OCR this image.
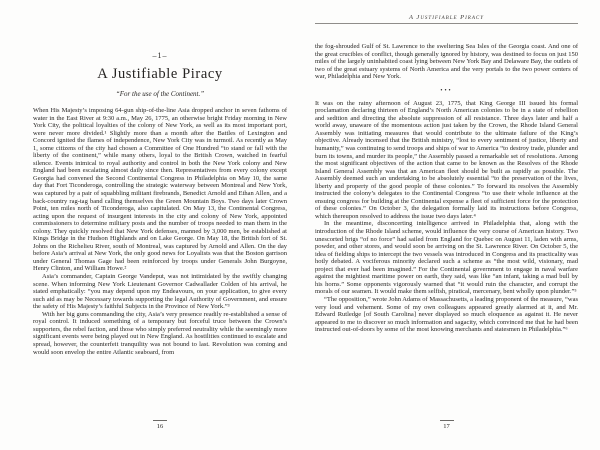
–1–
A Justifiable Piracy
“For the use of the Continent.”

When His Majesty’s imposing 64-gun ship-of-the-line Asia dropped anchor in seven fathoms of water in the East River at 9:30 a.m., May 26, 1775, an otherwise bright Friday morning in New York City, the political loyalties of the colony of New York, as well as its most important port, were never more divided.¹ Slightly more than a month after the Battles of Lexington and Concord ignited the flames of independence, New York City was in turmoil. As recently as May 1, some citizens of the city had chosen a Committee of One Hundred “to stand or fall with the liberty of the continent,” while many others, loyal to the British Crown, watched in fearful silence. Events inimical to royal authority and control in both the New York colony and New England had been escalating almost daily since then. Representatives from every colony except Georgia had convened the Second Continental Congress in Philadelphia on May 10, the same day that Fort Ticonderoga, controlling the strategic waterway between Montreal and New York, was captured by a pair of squabbling militant firebrands, Benedict Arnold and Ethan Allen, and a back-country rag-tag band calling themselves the Green Mountain Boys. Two days later Crown Point, ten miles north of Ticonderoga, also capitulated. On May 13, the Continental Congress, acting upon the request of insurgent interests in the city and colony of New York, appointed commissioners to determine military posts and the number of troops needed to man them in the colony. They quickly resolved that New York defenses, manned by 3,000 men, be established at Kings Bridge in the Hudson Highlands and on Lake George. On May 18, the British fort of St. Johns on the Richelieu River, south of Montreal, was captured by Arnold and Allen. On the day before Asia’s arrival at New York, the only good news for Loyalists was that the Boston garrison under General Thomas Gage had been reinforced by troops under Generals John Burgoyne, Henry Clinton, and William Howe.²

Asia’s commander, Captain George Vandeput, was not intimidated by the swiftly changing scene. When informing New York Lieutenant Governor Cadwallader Colden of his arrival, he stated emphatically: “you may depend upon my Endeavours, on your application, to give every such aid as may be Necessary towards supporting the legal Authority of Government, and ensure the safety of His Majesty’s faithful Subjects in the Province of New York.”³

With her big guns commanding the city, Asia’s very presence readily re-established a sense of royal control. It induced something of a temporary but forceful truce between the Crown’s supporters, the rebel faction, and those who simply preferred neutrality while the seemingly more significant events were being played out in New England. As hostilities continued to escalate and spread, however, the counterfeit tranquility was not bound to last. Revolution was coming and would soon envelop the entire Atlantic seaboard, from

16
A Justifiable Piracy

the fog-shrouded Gulf of St. Lawrence to the sweltering Sea Isles of the Georgia coast. And one of the great crucibles of conflict, though generally ignored by history, was destined to focus on just 150 miles of the largely uninhabited coast lying between New York Bay and Delaware Bay, the outlets of two of the great estuary systems of North America and the very portals to the two power centers of war, Philadelphia and New York.

•••

It was on the rainy afternoon of August 23, 1775, that King George III issued his formal proclamation declaring thirteen of England’s North American colonies to be in a state of rebellion and sedition and directing the absolute suppression of all resistance. Three days later and half a world away, unaware of the momentous action just taken by the Crown, the Rhode Island General Assembly was initiating measures that would contribute to the ultimate failure of the King’s objective. Already incensed that the British ministry, “lost to every sentiment of justice, liberty and humanity,” was continuing to send troops and ships of war to America “to destroy trade, plunder and burn its towns, and murder its people,” the Assembly passed a remarkable set of resolutions. Among the most significant objectives of the action that came to be known as the Resolves of the Rhode Island General Assembly was that an American fleet should be built as rapidly as possible. The Assembly deemed such an undertaking to be absolutely essential “to the preservation of the lives, liberty and property of the good people of these colonies.” To forward its resolves the Assembly instructed the colony’s delegates to the Continental Congress “to use their whole influence at the ensuing congress for building at the Continental expense a fleet of sufficient force for the protection of these colonies.” On October 3, the delegation formally laid its instructions before Congress, which thereupon resolved to address the issue two days later.⁴

In the meantime, disconcerting intelligence arrived in Philadelphia that, along with the introduction of the Rhode Island scheme, would influence the very course of American history. Two unescorted brigs “of no force” had sailed from England for Quebec on August 11, laden with arms, powder, and other stores, and would soon be arriving on the St. Lawrence River. On October 5, the idea of fielding ships to intercept the two vessels was introduced in Congress and its practicality was hotly debated. A vociferous minority declared such a scheme as “the most wild, visionary, mad project that ever had been imagined.” For the Continental government to engage in naval warfare against the mightiest maritime power on earth, they said, was like “an infant, taking a mad bull by his horns.” Some opponents vigorously warned that “it would ruin the character, and corrupt the morals of our seamen. It would make them selfish, piratical, mercenary, bent wholly upon plunder.”⁵

“The opposition,” wrote John Adams of Massachusetts, a leading proponent of the measure, “was very loud and vehement. Some of my own colleagues appeared greatly alarmed at it, and Mr. Edward Rutledge [of South Carolina] never displayed so much eloquence as against it. He never appeared to me to discover so much information and sagacity, which convinced me that he had been instructed out-of-doors by some of the most knowing merchants and statesmen in Philadelphia.”⁶

17
